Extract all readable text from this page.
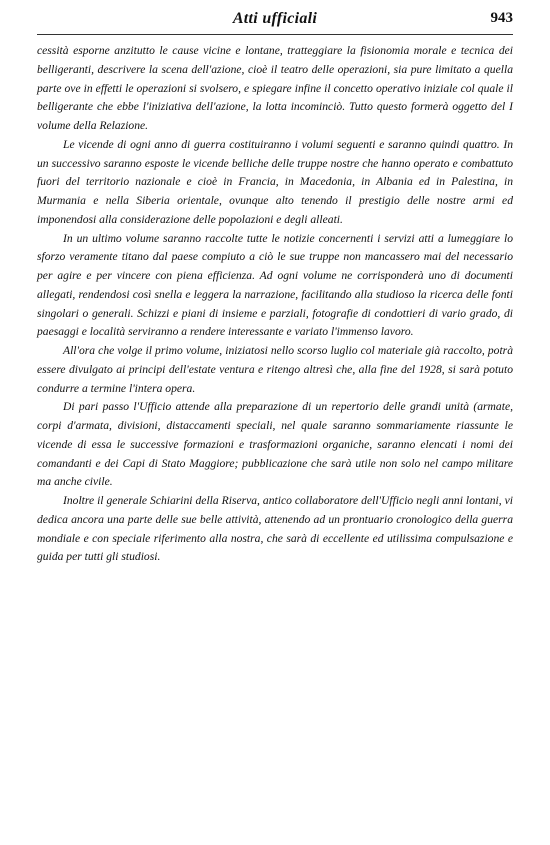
Atti ufficiali	943

cessità esporne anzitutto le cause vicine e lontane, tratteggiare la fisionomia morale e tecnica dei belligeranti, descrivere la scena dell'azione, cioè il teatro delle operazioni, sia pure limitato a quella parte ove in effetti le operazioni si svolsero, e spiegare infine il concetto operativo iniziale col quale il belligerante che ebbe l'iniziativa dell'azione, la lotta incominciò. Tutto questo formerà oggetto del I volume della Relazione.

Le vicende di ogni anno di guerra costituiranno i volumi seguenti e saranno quindi quattro. In un successivo saranno esposte le vicende belliche delle truppe nostre che hanno operato e combattuto fuori del territorio nazionale e cioè in Francia, in Macedonia, in Albania ed in Palestina, in Murmania e nella Siberia orientale, ovunque alto tenendo il prestigio delle nostre armi ed imponendosi alla considerazione delle popolazioni e degli alleati.

In un ultimo volume saranno raccolte tutte le notizie concernenti i servizi atti a lumeggiare lo sforzo veramente titano dal paese compiuto a ciò le sue truppe non mancassero mai del necessario per agire e per vincere con piena efficienza. Ad ogni volume ne corrisponderà uno di documenti allegati, rendendosi così snella e leggera la narrazione, facilitando alla studioso la ricerca delle fonti singolari o generali. Schizzi e piani di insieme e parziali, fotografie di condottieri di vario grado, di paesaggi e località serviranno a rendere interessante e variato l'immenso lavoro.

All'ora che volge il primo volume, iniziatosi nello scorso luglio col materiale già raccolto, potrà essere divulgato ai principi dell'estate ventura e ritengo altresì che, alla fine del 1928, si sarà potuto condurre a termine l'intera opera.

Di pari passo l'Ufficio attende alla preparazione di un repertorio delle grandi unità (armate, corpi d'armata, divisioni, distaccamenti speciali, nel quale saranno sommariamente riassunte le vicende di essa le successive formazioni e trasformazioni organiche, saranno elencati i nomi dei comandanti e dei Capi di Stato Maggiore; pubblicazione che sarà utile non solo nel campo militare ma anche civile.

Inoltre il generale Schiarini della Riserva, antico collaboratore dell'Ufficio negli anni lontani, vi dedica ancora una parte delle sue belle attività, attenendo ad un prontuario cronologico della guerra mondiale e con speciale riferimento alla nostra, che sarà di eccellente ed utilissima compulsazione e guida per tutti gli studiosi.
